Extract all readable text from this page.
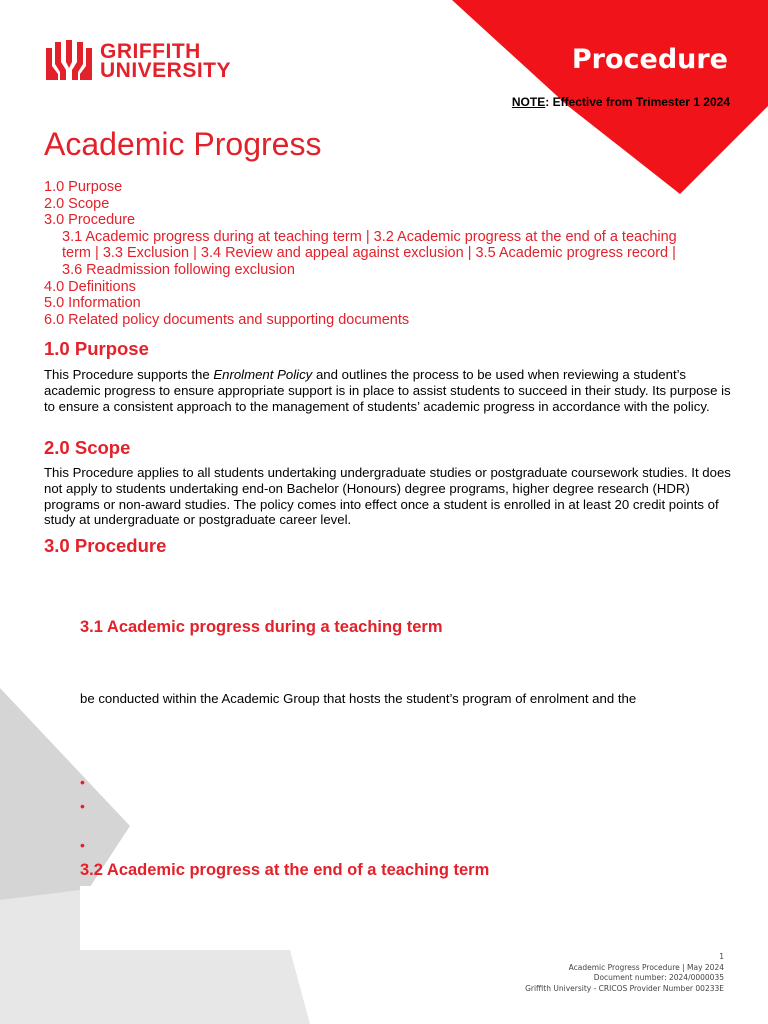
GRIFFITH
UNIVERSITY	Procedure
NOTE: Effective from Trimester 1 2024
Academic Progress
1.0 Purpose
2.0 Scope
3.0 Procedure
3.1 Academic progress during at teaching term | 3.2 Academic progress at the end of a teaching
term | 3.3 Exclusion | 3.4 Review and appeal against exclusion | 3.5 Academic progress record |
3.6 Readmission following exclusion
4.0 Definitions
5.0 Information
6.0 Related policy documents and supporting documents
1.0 Purpose
This Procedure supports the Enrolment Policy and outlines the process to be used when reviewing a student’s academic progress to ensure appropriate support is in place to assist students to succeed in their study. Its purpose is to ensure a consistent approach to the management of students’ academic progress in accordance with the policy.
2.0 Scope
This Procedure applies to all students undertaking undergraduate studies or postgraduate coursework studies. It does not apply to students undertaking end-on Bachelor (Honours) degree programs, higher degree research (HDR) programs or non-award studies. The policy comes into effect once a student is enrolled in at least 20 credit points of study at undergraduate or postgraduate career level.
3.0 Procedure
3.1 Academic progress during a teaching term
be conducted within the Academic Group that hosts the student’s program of enrolment and the
•
•
•
3.2 Academic progress at the end of a teaching term
1
Academic Progress Procedure | May 2024
Document number: 2024/0000035
Griffith University - CRICOS Provider Number 00233E
